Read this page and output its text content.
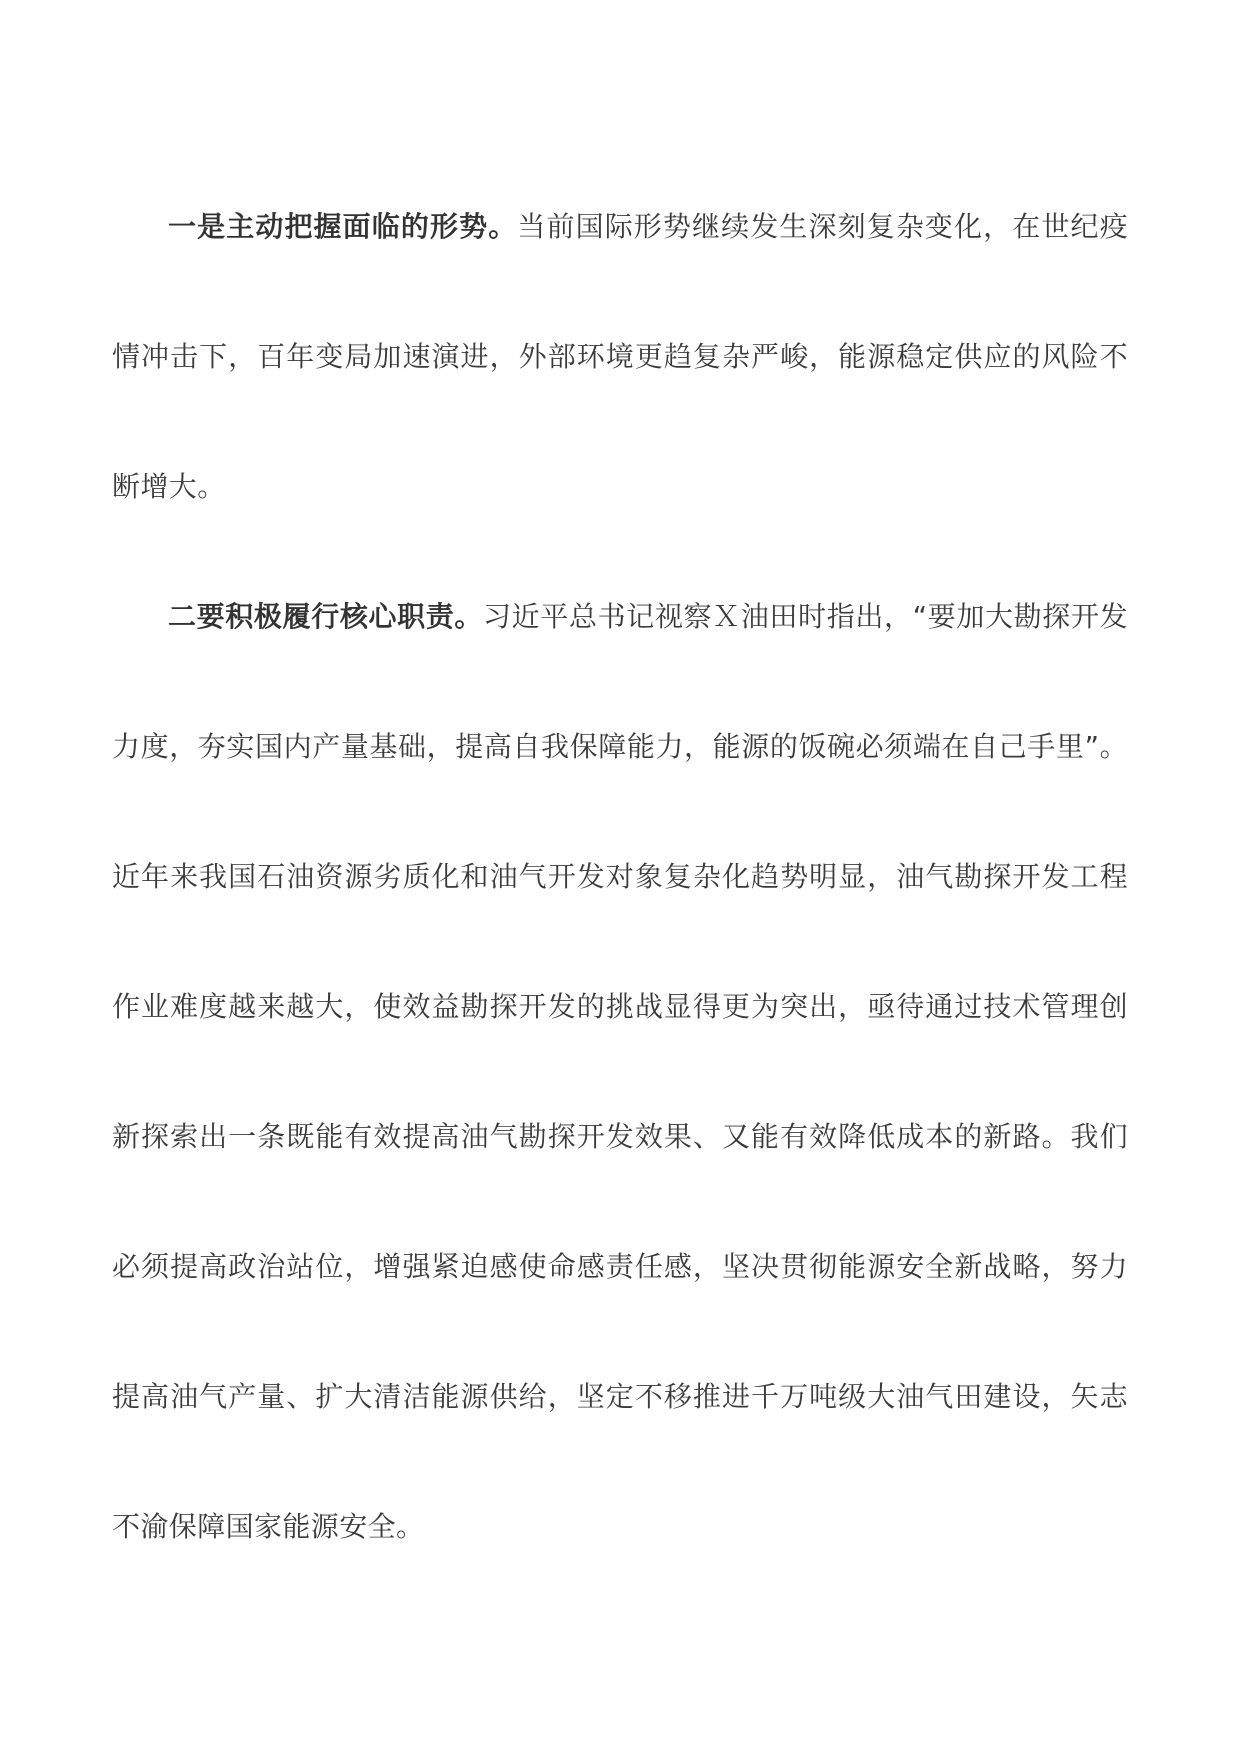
一是主动把握面临的形势。当前国际形势继续发生深刻复杂变化，在世纪疫情冲击下，百年变局加速演进，外部环境更趋复杂严峻，能源稳定供应的风险不断增大。

二要积极履行核心职责。习近平总书记视察Ｘ油田时指出，“要加大勘探开发力度，夯实国内产量基础，提高自我保障能力，能源的饭碗必须端在自己手里”。近年来我国石油资源劣质化和油气开发对象复杂化趋势明显，油气勘探开发工程作业难度越来越大，使效益勘探开发的挑战显得更为突出，亟待通过技术管理创新探索出一条既能有效提高油气勘探开发效果、又能有效降低成本的新路。我们必须提高政治站位，增强紧迫感使命感责任感，坚决贯彻能源安全新战略，努力提高油气产量、扩大清洁能源供给，坚定不移推进千万吨级大油气田建设，矢志不渝保障国家能源安全。
